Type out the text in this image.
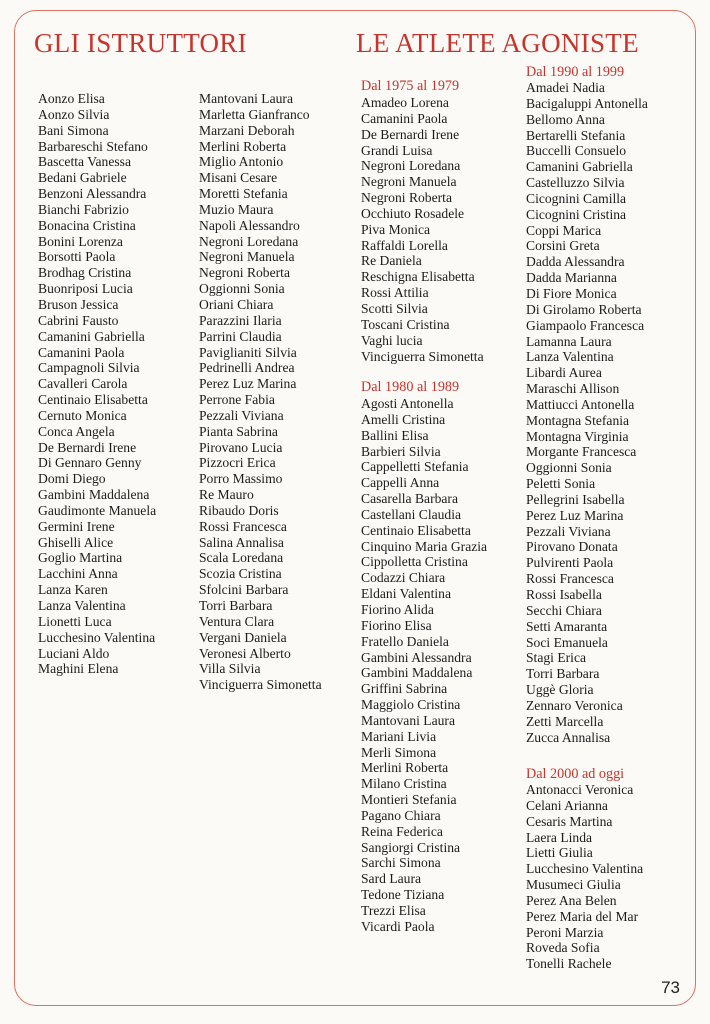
GLI ISTRUTTORI	LE ATLETE AGONISTE
Aonzo Elisa
Aonzo Silvia
Bani Simona
Barbareschi Stefano
Bascetta Vanessa
Bedani Gabriele
Benzoni Alessandra
Bianchi Fabrizio
Bonacina Cristina
Bonini Lorenza
Borsotti Paola
Brodhag Cristina
Buonriposi Lucia
Bruson Jessica
Cabrini Fausto
Camanini Gabriella
Camanini Paola
Campagnoli Silvia
Cavalleri Carola
Centinaio Elisabetta
Cernuto Monica
Conca Angela
De Bernardi Irene
Di Gennaro Genny
Domi Diego
Gambini Maddalena
Gaudimonte Manuela
Germini Irene
Ghiselli Alice
Goglio Martina
Lacchini Anna
Lanza Karen
Lanza Valentina
Lionetti Luca
Lucchesino Valentina
Luciani Aldo
Maghini Elena
Mantovani Laura
Marletta Gianfranco
Marzani Deborah
Merlini Roberta
Miglio Antonio
Misani Cesare
Moretti Stefania
Muzio Maura
Napoli Alessandro
Negroni Loredana
Negroni Manuela
Negroni Roberta
Oggionni Sonia
Oriani Chiara
Parazzini Ilaria
Parrini Claudia
Paviglianiti Silvia
Pedrinelli Andrea
Perez Luz Marina
Perrone Fabia
Pezzali Viviana
Pianta Sabrina
Pirovano Lucia
Pizzocri Erica
Porro Massimo
Re Mauro
Ribaudo Doris
Rossi Francesca
Salina Annalisa
Scala Loredana
Scozia Cristina
Sfolcini Barbara
Torri Barbara
Ventura Clara
Vergani Daniela
Veronesi Alberto
Villa Silvia
Vinciguerra Simonetta

Dal 1975 al 1979

Amadeo Lorena
Camanini Paola
De Bernardi Irene
Grandi Luisa
Negroni Loredana
Negroni Manuela
Negroni Roberta
Occhiuto Rosadele
Piva Monica
Raffaldi Lorella
Re Daniela
Reschigna Elisabetta
Rossi Attilia
Scotti Silvia
Toscani Cristina
Vaghi lucia
Vinciguerra Simonetta

Dal 1980 al 1989

Agosti Antonella
Amelli Cristina
Ballini Elisa
Barbieri Silvia
Cappelletti Stefania
Cappelli Anna
Casarella Barbara
Castellani Claudia
Centinaio Elisabetta
Cinquino Maria Grazia
Cippolletta Cristina
Codazzi Chiara
Eldani Valentina
Fiorino Alida
Fiorino Elisa
Fratello Daniela
Gambini Alessandra
Gambini Maddalena
Griffini Sabrina
Maggiolo Cristina
Mantovani Laura
Mariani Livia
Merli Simona
Merlini Roberta
Milano Cristina
Montieri Stefania
Pagano Chiara
Reina Federica
Sangiorgi Cristina
Sarchi Simona
Sard Laura
Tedone Tiziana
Trezzi Elisa
Vicardi Paola

Dal 1990 al 1999

Amadei Nadia
Bacigaluppi Antonella
Bellomo Anna
Bertarelli Stefania
Buccelli Consuelo
Camanini Gabriella
Castelluzzo Silvia
Cicognini Camilla
Cicognini Cristina
Coppi Marica
Corsini Greta
Dadda Alessandra
Dadda Marianna
Di Fiore Monica
Di Girolamo Roberta
Giampaolo Francesca
Lamanna Laura
Lanza Valentina
Libardi Aurea
Maraschi Allison
Mattiucci Antonella
Montagna Stefania
Montagna Virginia
Morgante Francesca
Oggionni Sonia
Peletti Sonia
Pellegrini Isabella
Perez Luz Marina
Pezzali Viviana
Pirovano Donata
Pulvirenti Paola
Rossi Francesca
Rossi Isabella
Secchi Chiara
Setti Amaranta
Soci Emanuela
Stagi Erica
Torri Barbara
Uggè Gloria
Zennaro Veronica
Zetti Marcella
Zucca Annalisa

Dal 2000 ad oggi

Antonacci Veronica
Celani Arianna
Cesaris Martina
Laera Linda
Lietti Giulia
Lucchesino Valentina
Musumeci Giulia
Perez Ana Belen
Perez Maria del Mar
Peroni Marzia
Roveda Sofia
Tonelli Rachele
73
